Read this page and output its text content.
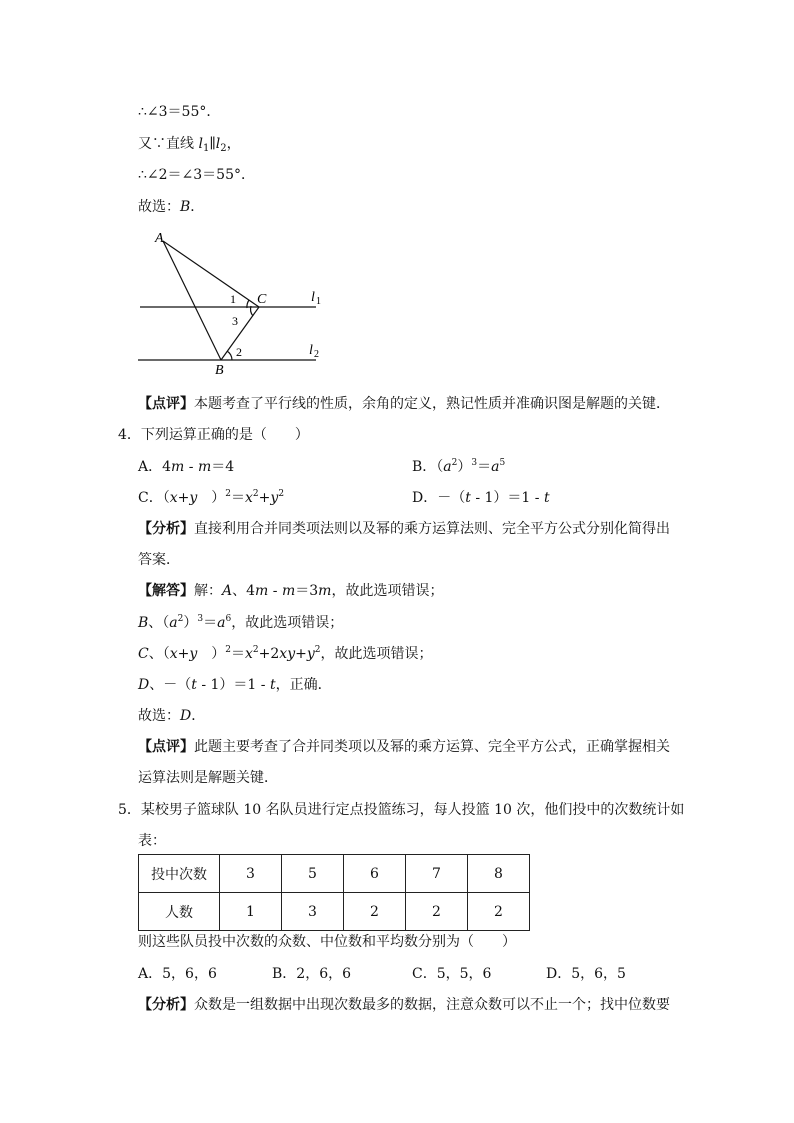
∴∠3＝55°．
又∵直线 $l_1\parallel l_2$，
∴∠2＝∠3＝55°．
故选：B．
A
B
C
1
3
2
l 1
l 2
【点评】本题考查了平行线的性质，余角的定义，熟记性质并准确识图是解题的关键．
4．下列运算正确的是（　　）
A．4m - m＝4	B．$(a^2)^3=a^5$
C．（x+y　）$^2=x^2+y^2$	D．－（t - 1）＝1 - t
【分析】直接利用合并同类项法则以及幂的乘方运算法则、完全平方公式分别化简得出
答案．
【解答】解：A、4m - m＝3m，故此选项错误；
B、$(a^2)^3=a^6$，故此选项错误；
C、（x+y　）$^2=x^2+2xy+y^2$，故此选项错误；
D、－（t - 1）＝1 - t，正确．
故选：D．
【点评】此题主要考查了合并同类项以及幂的乘方运算、完全平方公式，正确掌握相关
运算法则是解题关键．
5．某校男子篮球队 10 名队员进行定点投篮练习，每人投篮 10 次，他们投中的次数统计如
表：
投中次数	3	5	6	7	8
人数	1	3	2	2	2
则这些队员投中次数的众数、中位数和平均数分别为（　　）
A．5，6，6	B．2，6，6	C．5，5，6	D．5，6，5
【分析】众数是一组数据中出现次数最多的数据，注意众数可以不止一个；找中位数要
